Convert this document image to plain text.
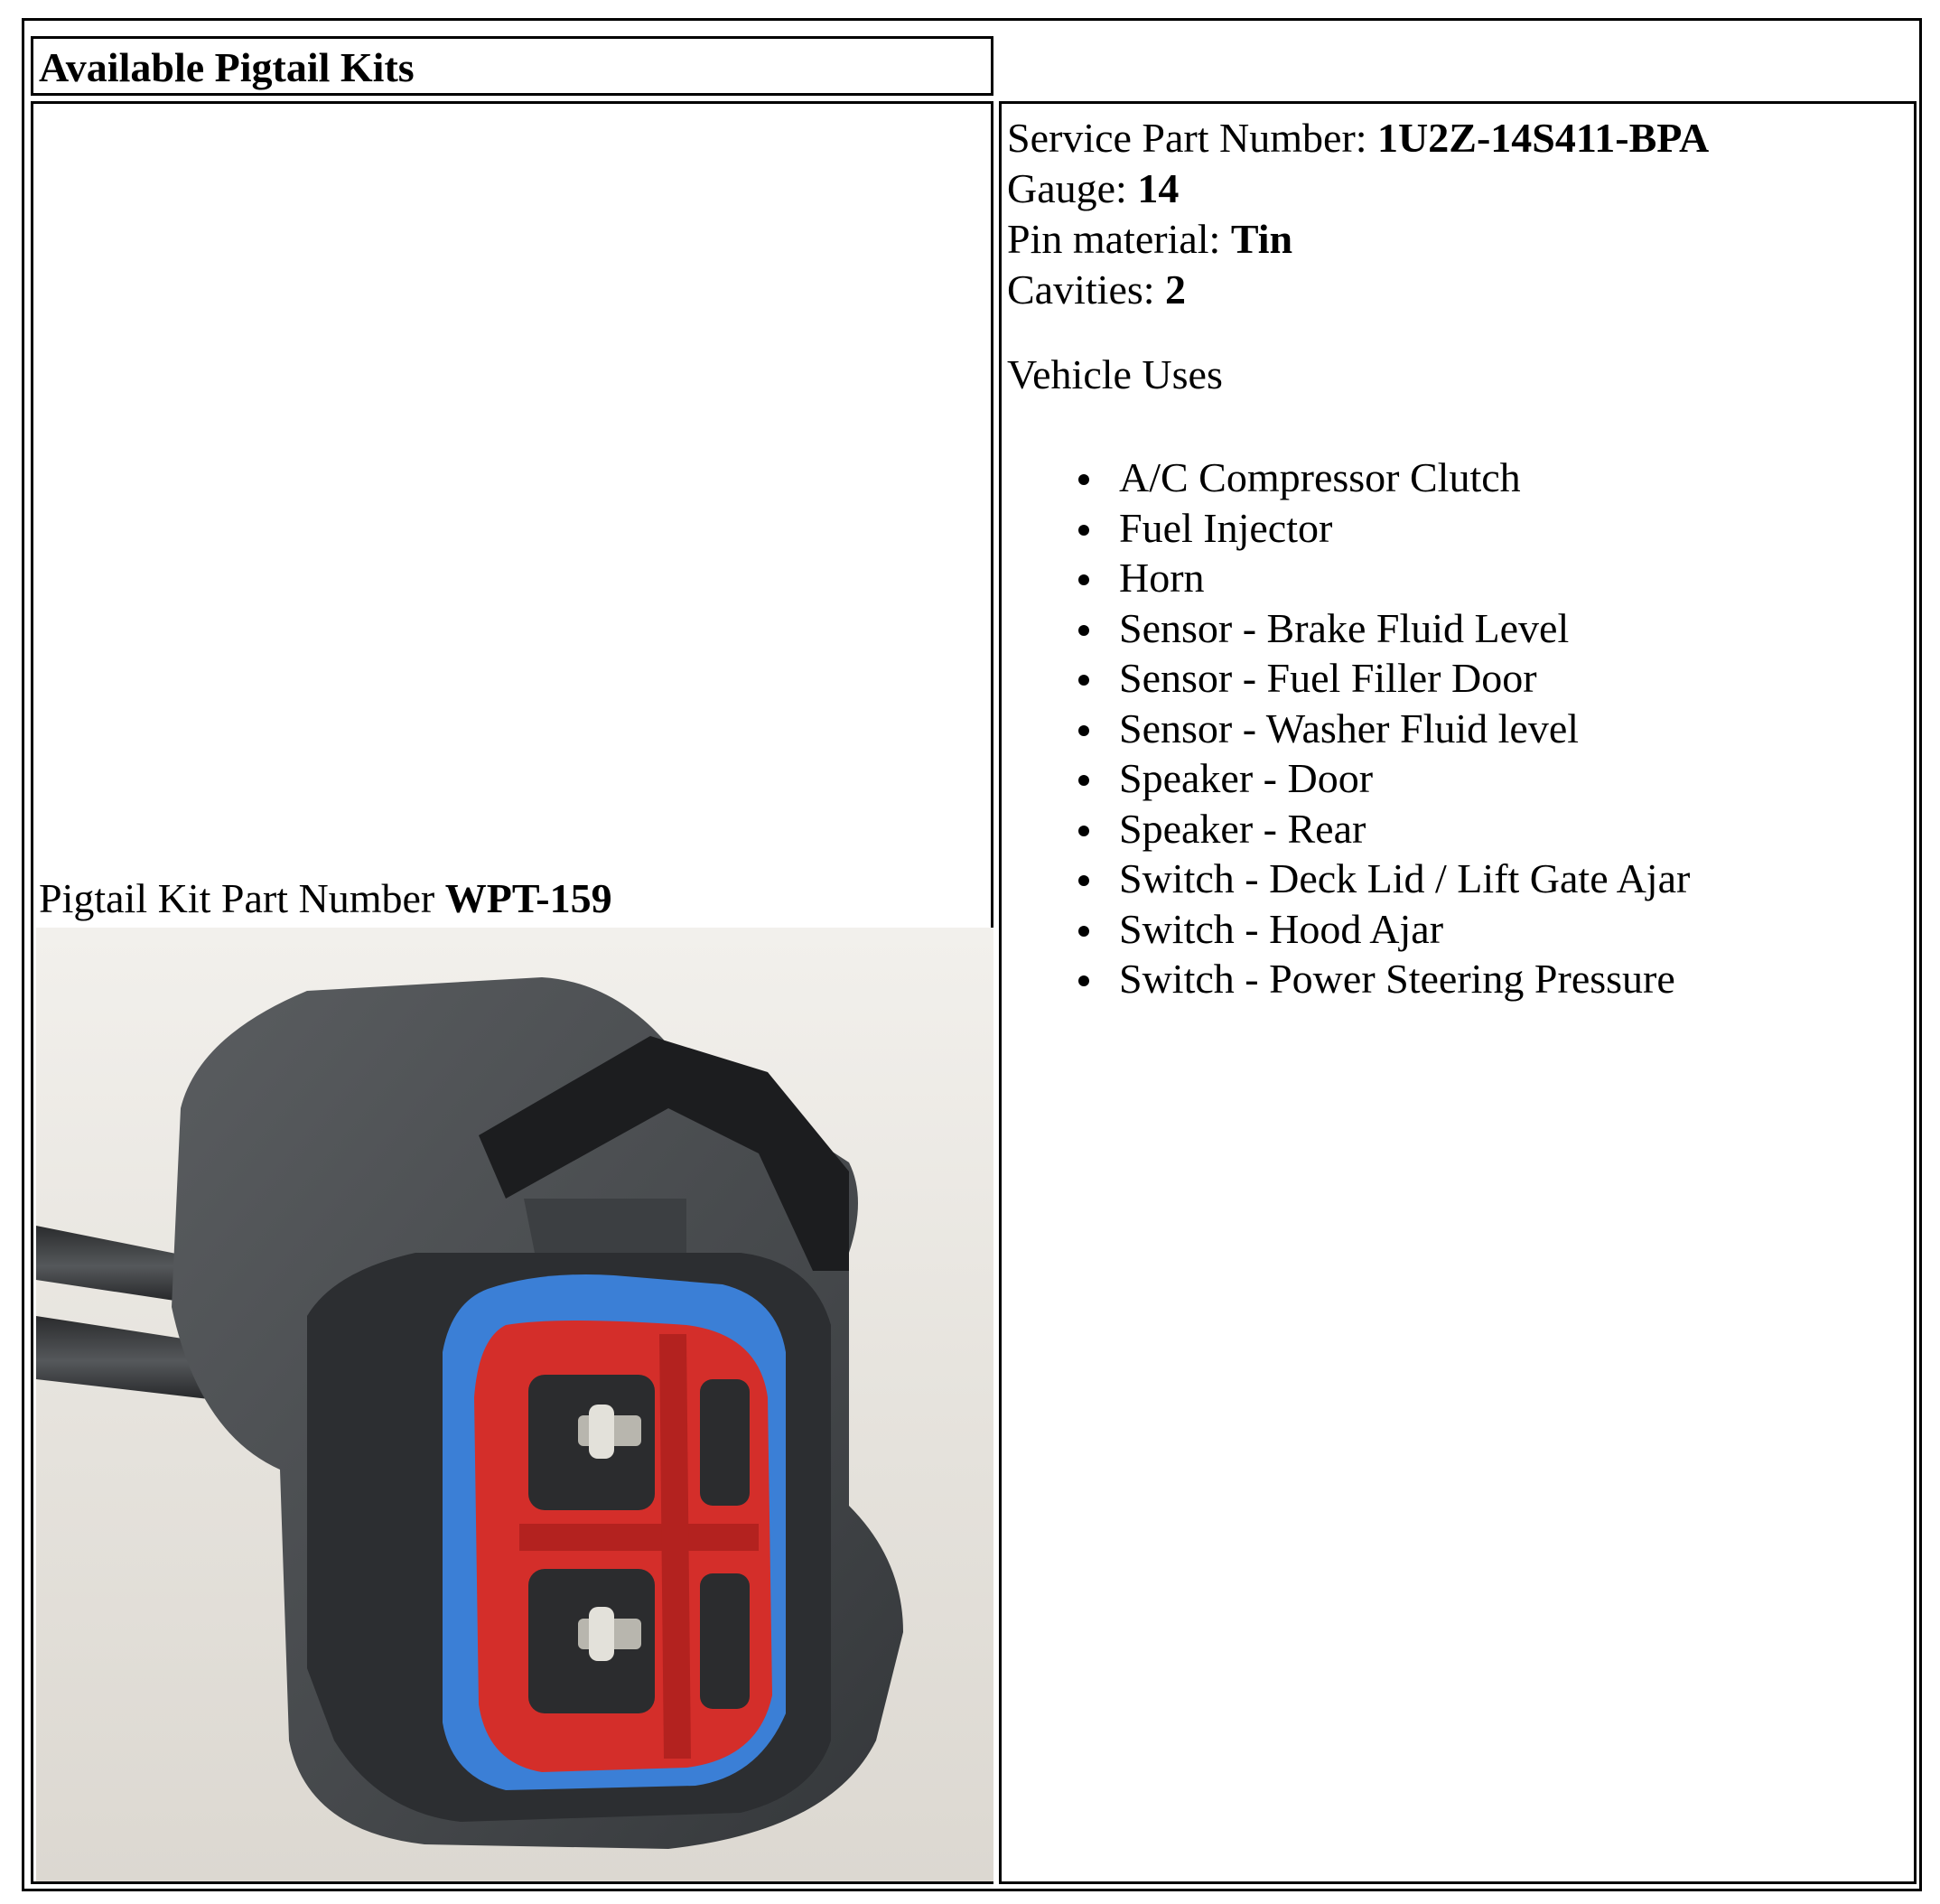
Available Pigtail Kits
Pigtail Kit Part Number WPT-159
Service Part Number: 1U2Z-14S411-BPA
Gauge: 14
Pin material: Tin
Cavities: 2
Vehicle Uses
A/C Compressor Clutch
Fuel Injector
Horn
Sensor - Brake Fluid Level
Sensor - Fuel Filler Door
Sensor - Washer Fluid level
Speaker - Door
Speaker - Rear
Switch - Deck Lid / Lift Gate Ajar
Switch - Hood Ajar
Switch - Power Steering Pressure
